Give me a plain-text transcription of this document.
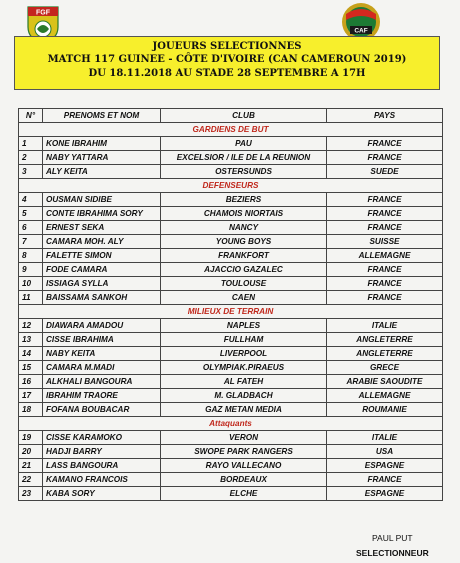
FGF
CAF
JOUEURS SELECTIONNES
MATCH 117 GUINEE - CÔTE D'IVOIRE (CAN CAMEROUN 2019)
DU 18.11.2018 AU STADE 28 SEPTEMBRE A 17H
N°	PRENOMS ET NOM	CLUB	PAYS
GARDIENS DE BUT			
1	KONE IBRAHIM	PAU	FRANCE
2	NABY YATTARA	EXCELSIOR / ILE DE LA REUNION	FRANCE
3	ALY KEITA	OSTERSUNDS	SUEDE
DEFENSEURS			
4	OUSMAN SIDIBE	BEZIERS	FRANCE
5	CONTE IBRAHIMA SORY	CHAMOIS NIORTAIS	FRANCE
6	ERNEST SEKA	NANCY	FRANCE
7	CAMARA MOH. ALY	YOUNG BOYS	SUISSE
8	FALETTE SIMON	FRANKFORT	ALLEMAGNE
9	FODE CAMARA	AJACCIO GAZALEC	FRANCE
10	ISSIAGA SYLLA	TOULOUSE	FRANCE
11	BAISSAMA SANKOH	CAEN	FRANCE
MILIEUX DE TERRAIN			
12	DIAWARA AMADOU	NAPLES	ITALIE
13	CISSE IBRAHIMA	FULLHAM	ANGLETERRE
14	NABY KEITA	LIVERPOOL	ANGLETERRE
15	CAMARA M.MADI	OLYMPIAK.PIRAEUS	GRECE
16	ALKHALI BANGOURA	AL FATEH	ARABIE SAOUDITE
17	IBRAHIM TRAORE	M. GLADBACH	ALLEMAGNE
18	FOFANA BOUBACAR	GAZ METAN MEDIA	ROUMANIE
Attaquants			
19	CISSE KARAMOKO	VERON	ITALIE
20	HADJI BARRY	SWOPE PARK RANGERS	USA
21	LASS BANGOURA	RAYO VALLECANO	ESPAGNE
22	KAMANO FRANCOIS	BORDEAUX	FRANCE
23	KABA SORY	ELCHE	ESPAGNE
PAUL PUT
SELECTIONNEUR
